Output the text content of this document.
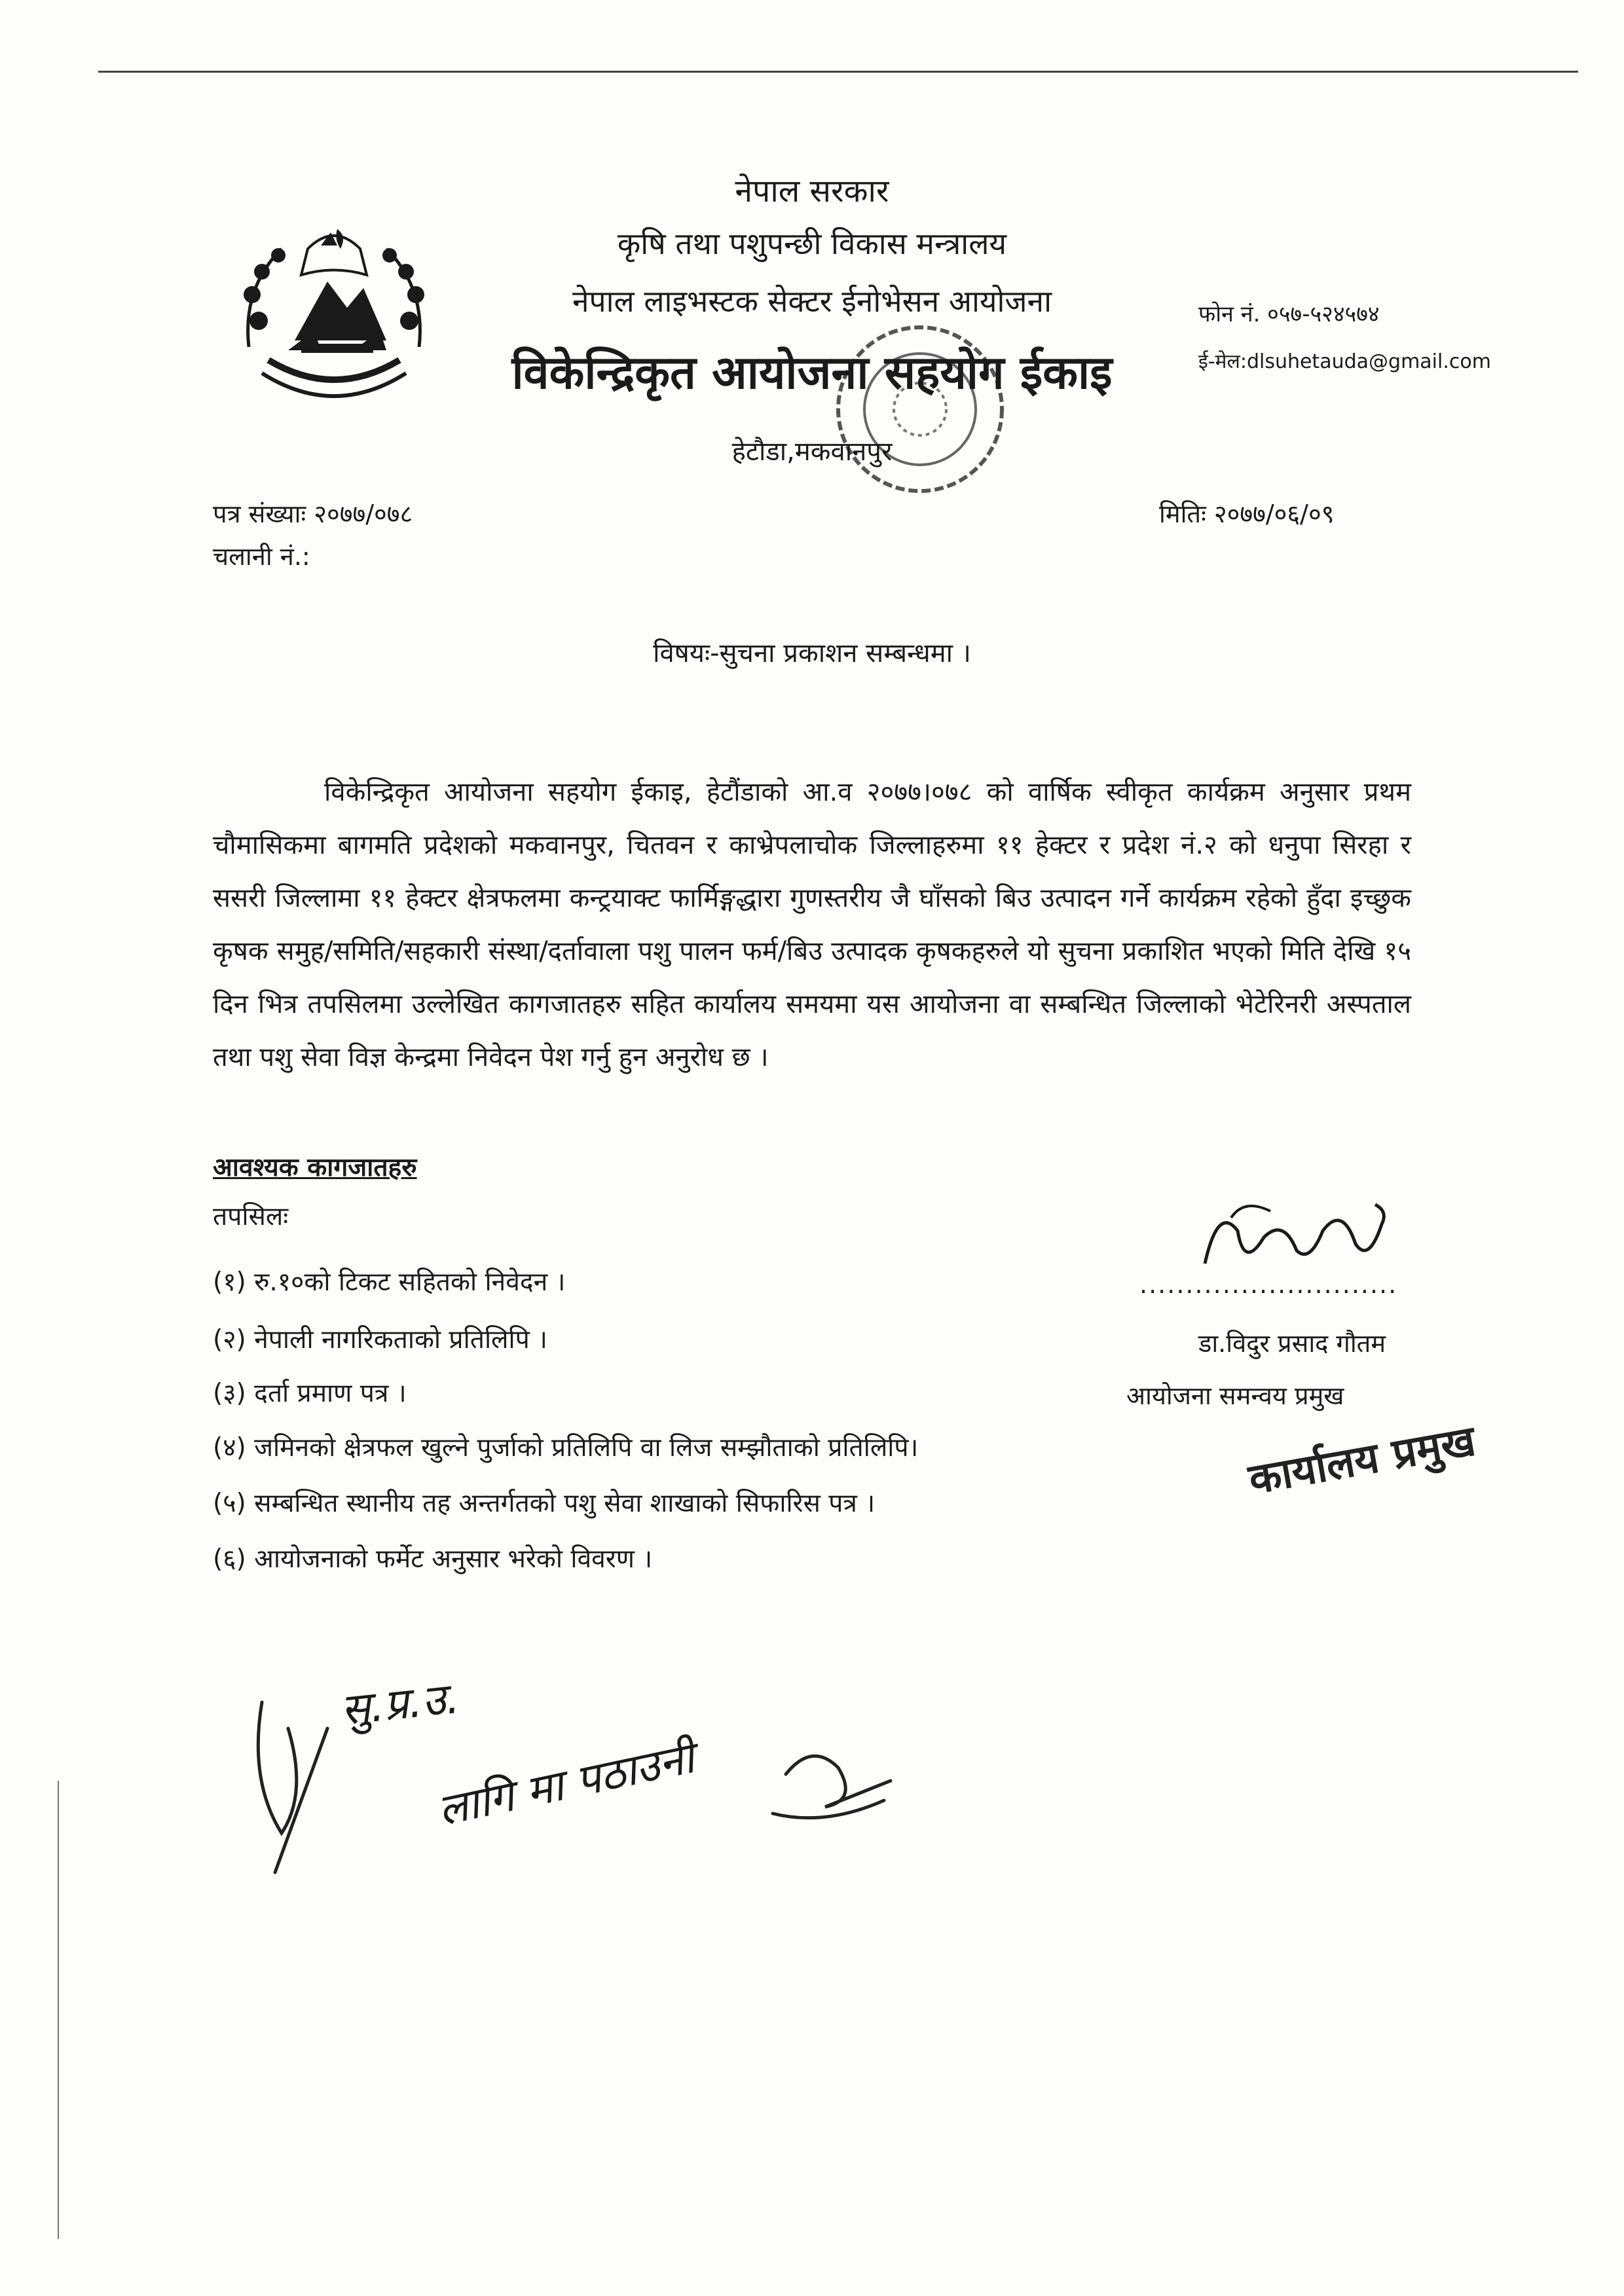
नेपाल सरकार
कृषि तथा पशुपन्छी विकास मन्त्रालय
नेपाल लाइभस्टक सेक्टर ईनोभेसन आयोजना
विकेन्द्रिकृत आयोजना सहयोग ईकाइ
हेटौडा,मकवानपुर
फोन नं. ०५७-५२४५७४
ई-मेल:dlsuhetauda@gmail.com
पत्र संख्याः २०७७/०७८
चलानी नं.:
मितिः २०७७/०६/०९
विषयः-सुचना प्रकाशन सम्बन्धमा ।
विकेन्द्रिकृत आयोजना सहयोग ईकाइ, हेटौंडाको आ.व २०७७।०७८ को वार्षिक स्वीकृत कार्यक्रम अनुसार प्रथम चौमासिकमा बागमति प्रदेशको मकवानपुर, चितवन र काभ्रेपलाचोक जिल्लाहरुमा ११ हेक्टर र प्रदेश नं.२ को धनुपा सिरहा र ससरी जिल्लामा ११ हेक्टर क्षेत्रफलमा कन्ट्रयाक्ट फार्मिङ्गद्धारा गुणस्तरीय जै घाँसको बिउ उत्पादन गर्ने कार्यक्रम रहेको हुँदा इच्छुक कृषक समुह/समिति/सहकारी संस्था/दर्तावाला पशु पालन फर्म/बिउ उत्पादक कृषकहरुले यो सुचना प्रकाशित भएको मिति देखि १५ दिन भित्र तपसिलमा उल्लेखित कागजातहरु सहित कार्यालय समयमा यस आयोजना वा सम्बन्धित जिल्लाको भेटेरिनरी अस्पताल तथा पशु सेवा विज्ञ केन्द्रमा निवेदन पेश गर्नु हुन अनुरोध छ ।
आवश्यक कागजातहरु
तपसिलः
(१) रु.१०को टिकट सहितको निवेदन ।
(२) नेपाली नागरिकताको प्रतिलिपि ।
(३) दर्ता प्रमाण पत्र ।
(४) जमिनको क्षेत्रफल खुल्ने पुर्जाको प्रतिलिपि वा लिज सम्झौताको प्रतिलिपि।
(५) सम्बन्धित स्थानीय तह अन्तर्गतको पशु सेवा शाखाको सिफारिस पत्र ।
(६) आयोजनाको फर्मेट अनुसार भरेको विवरण ।
............................
डा.विदुर प्रसाद गौतम
आयोजना समन्वय प्रमुख
कार्यालय प्रमुख
सु.प्र.उ.
लागि मा पठाउनी
